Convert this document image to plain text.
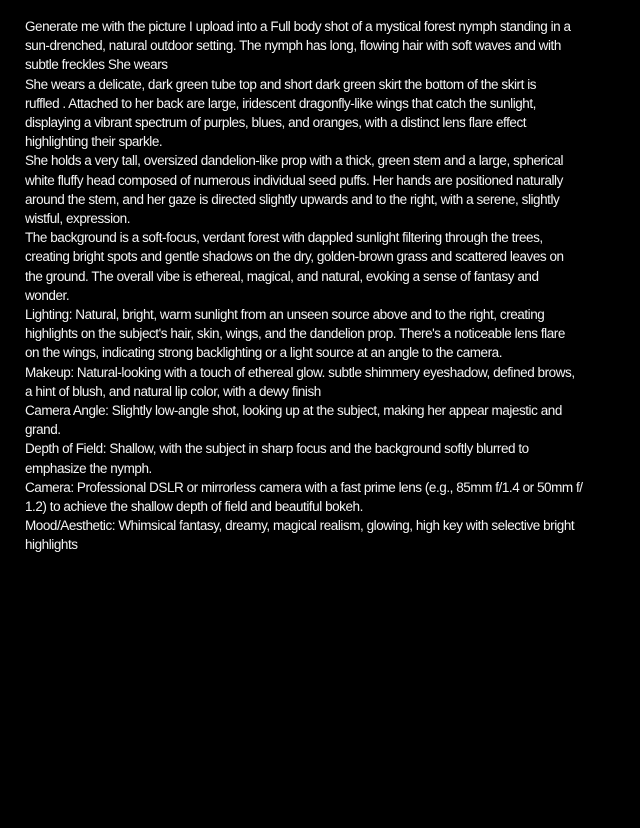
Generate me with the picture I upload into a Full body shot of a mystical forest nymph standing in a
sun-drenched, natural outdoor setting. The nymph has long, flowing hair with soft waves and with
subtle freckles She wears
She wears a delicate, dark green tube top and short dark green skirt the bottom of the skirt is
ruffled . Attached to her back are large, iridescent dragonfly-like wings that catch the sunlight,
displaying a vibrant spectrum of purples, blues, and oranges, with a distinct lens flare effect
highlighting their sparkle.
She holds a very tall, oversized dandelion-like prop with a thick, green stem and a large, spherical
white fluffy head composed of numerous individual seed puffs. Her hands are positioned naturally
around the stem, and her gaze is directed slightly upwards and to the right, with a serene, slightly
wistful, expression.
The background is a soft-focus, verdant forest with dappled sunlight filtering through the trees,
creating bright spots and gentle shadows on the dry, golden-brown grass and scattered leaves on
the ground. The overall vibe is ethereal, magical, and natural, evoking a sense of fantasy and
wonder.
Lighting: Natural, bright, warm sunlight from an unseen source above and to the right, creating
highlights on the subject's hair, skin, wings, and the dandelion prop. There's a noticeable lens flare
on the wings, indicating strong backlighting or a light source at an angle to the camera.
Makeup: Natural-looking with a touch of ethereal glow. subtle shimmery eyeshadow, defined brows,
a hint of blush, and natural lip color, with a dewy finish
Camera Angle: Slightly low-angle shot, looking up at the subject, making her appear majestic and
grand.
Depth of Field: Shallow, with the subject in sharp focus and the background softly blurred to
emphasize the nymph.
Camera: Professional DSLR or mirrorless camera with a fast prime lens (e.g., 85mm f/1.4 or 50mm f/
1.2) to achieve the shallow depth of field and beautiful bokeh.
Mood/Aesthetic: Whimsical fantasy, dreamy, magical realism, glowing, high key with selective bright
highlights
